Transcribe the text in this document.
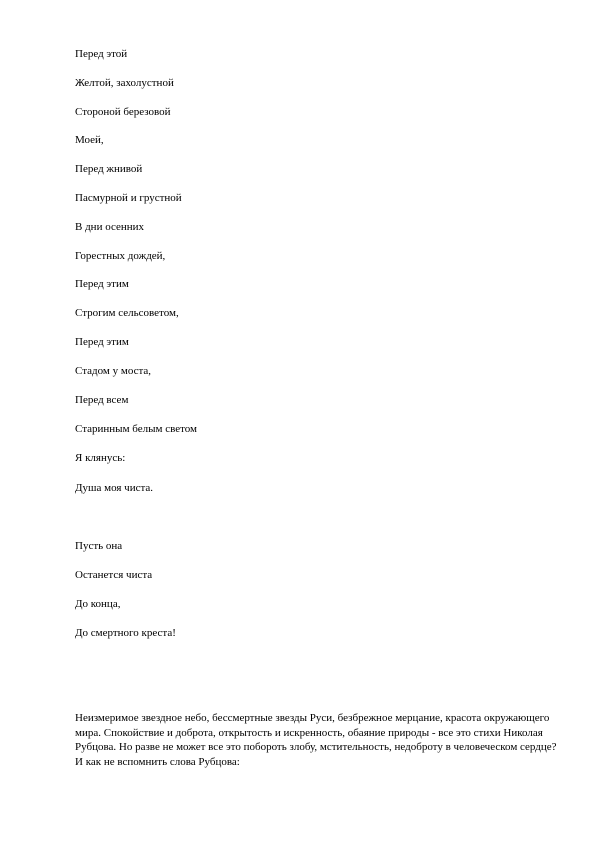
Перед этой
Желтой, захолустной
Стороной березовой
Моей,
Перед жнивой
Пасмурной и грустной
В дни осенних
Горестных дождей,
Перед этим
Строгим сельсоветом,
Перед этим
Стадом у моста,
Перед всем
Старинным белым светом
Я клянусь:
Душа моя чиста.
Пусть она
Останется чиста
До конца,
До смертного креста!

Неизмеримое звездное небо, бессмертные звезды Руси, безбрежное мерцание, красота окружающего мира. Спокойствие и доброта, открытость и искренность, обаяние природы - все это стихи Николая Рубцова. Но разве не может все это побороть злобу, мстительность, недоброту в человеческом сердце? И как не вспомнить слова Рубцова:
